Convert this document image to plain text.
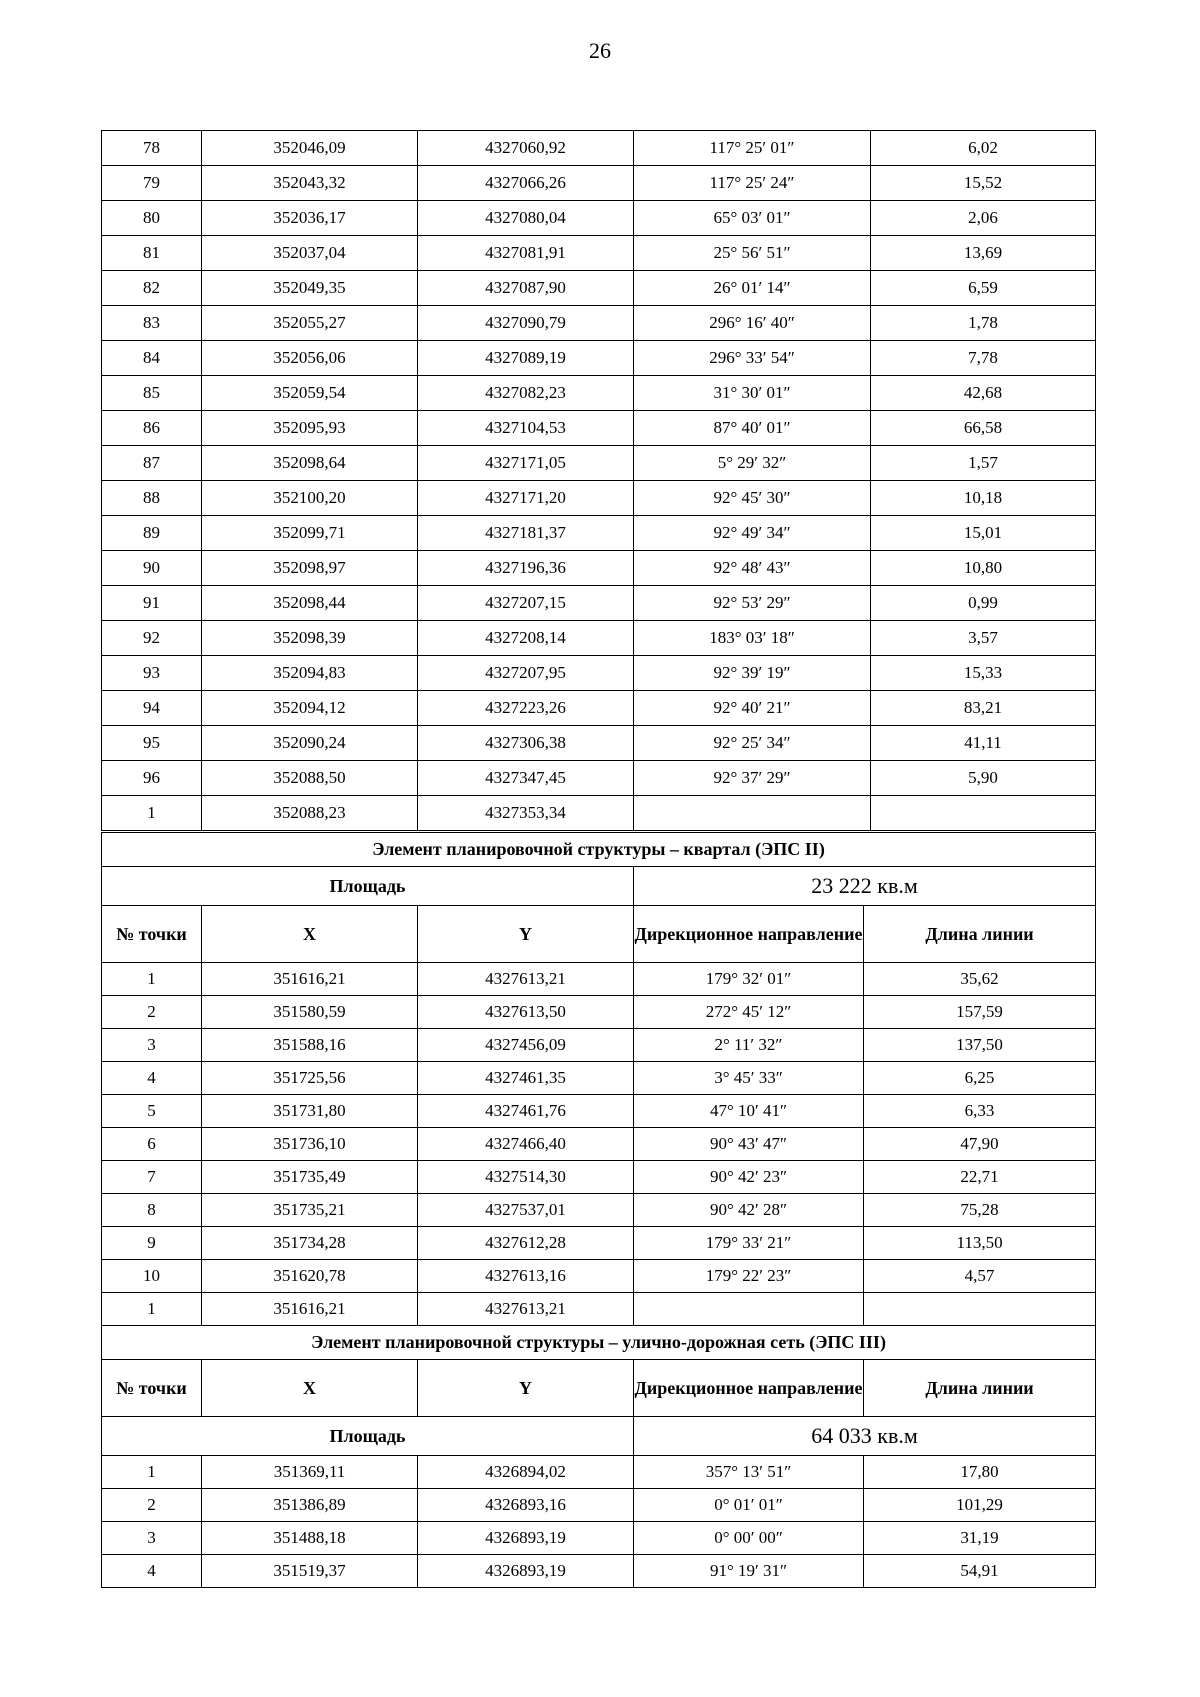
26
78	352046,09	4327060,92	117° 25′ 01″	6,02
79	352043,32	4327066,26	117° 25′ 24″	15,52
80	352036,17	4327080,04	65° 03′ 01″	2,06
81	352037,04	4327081,91	25° 56′ 51″	13,69
82	352049,35	4327087,90	26° 01′ 14″	6,59
83	352055,27	4327090,79	296° 16′ 40″	1,78
84	352056,06	4327089,19	296° 33′ 54″	7,78
85	352059,54	4327082,23	31° 30′ 01″	42,68
86	352095,93	4327104,53	87° 40′ 01″	66,58
87	352098,64	4327171,05	5° 29′ 32″	1,57
88	352100,20	4327171,20	92° 45′ 30″	10,18
89	352099,71	4327181,37	92° 49′ 34″	15,01
90	352098,97	4327196,36	92° 48′ 43″	10,80
91	352098,44	4327207,15	92° 53′ 29″	0,99
92	352098,39	4327208,14	183° 03′ 18″	3,57
93	352094,83	4327207,95	92° 39′ 19″	15,33
94	352094,12	4327223,26	92° 40′ 21″	83,21
95	352090,24	4327306,38	92° 25′ 34″	41,11
96	352088,50	4327347,45	92° 37′ 29″	5,90
1	352088,23	4327353,34		
Элемент планировочной структуры – квартал (ЭПС II)				
Площадь			23 222 кв.м	
№ точки	X	Y	Дирекционное направление	Длина линии
1	351616,21	4327613,21	179° 32′ 01″	35,62
2	351580,59	4327613,50	272° 45′ 12″	157,59
3	351588,16	4327456,09	2° 11′ 32″	137,50
4	351725,56	4327461,35	3° 45′ 33″	6,25
5	351731,80	4327461,76	47° 10′ 41″	6,33
6	351736,10	4327466,40	90° 43′ 47″	47,90
7	351735,49	4327514,30	90° 42′ 23″	22,71
8	351735,21	4327537,01	90° 42′ 28″	75,28
9	351734,28	4327612,28	179° 33′ 21″	113,50
10	351620,78	4327613,16	179° 22′ 23″	4,57
1	351616,21	4327613,21		
Элемент планировочной структуры – улично-дорожная сеть (ЭПС III)				
№ точки	X	Y	Дирекционное направление	Длина линии
Площадь			64 033 кв.м	
1	351369,11	4326894,02	357° 13′ 51″	17,80
2	351386,89	4326893,16	0° 01′ 01″	101,29
3	351488,18	4326893,19	0° 00′ 00″	31,19
4	351519,37	4326893,19	91° 19′ 31″	54,91
